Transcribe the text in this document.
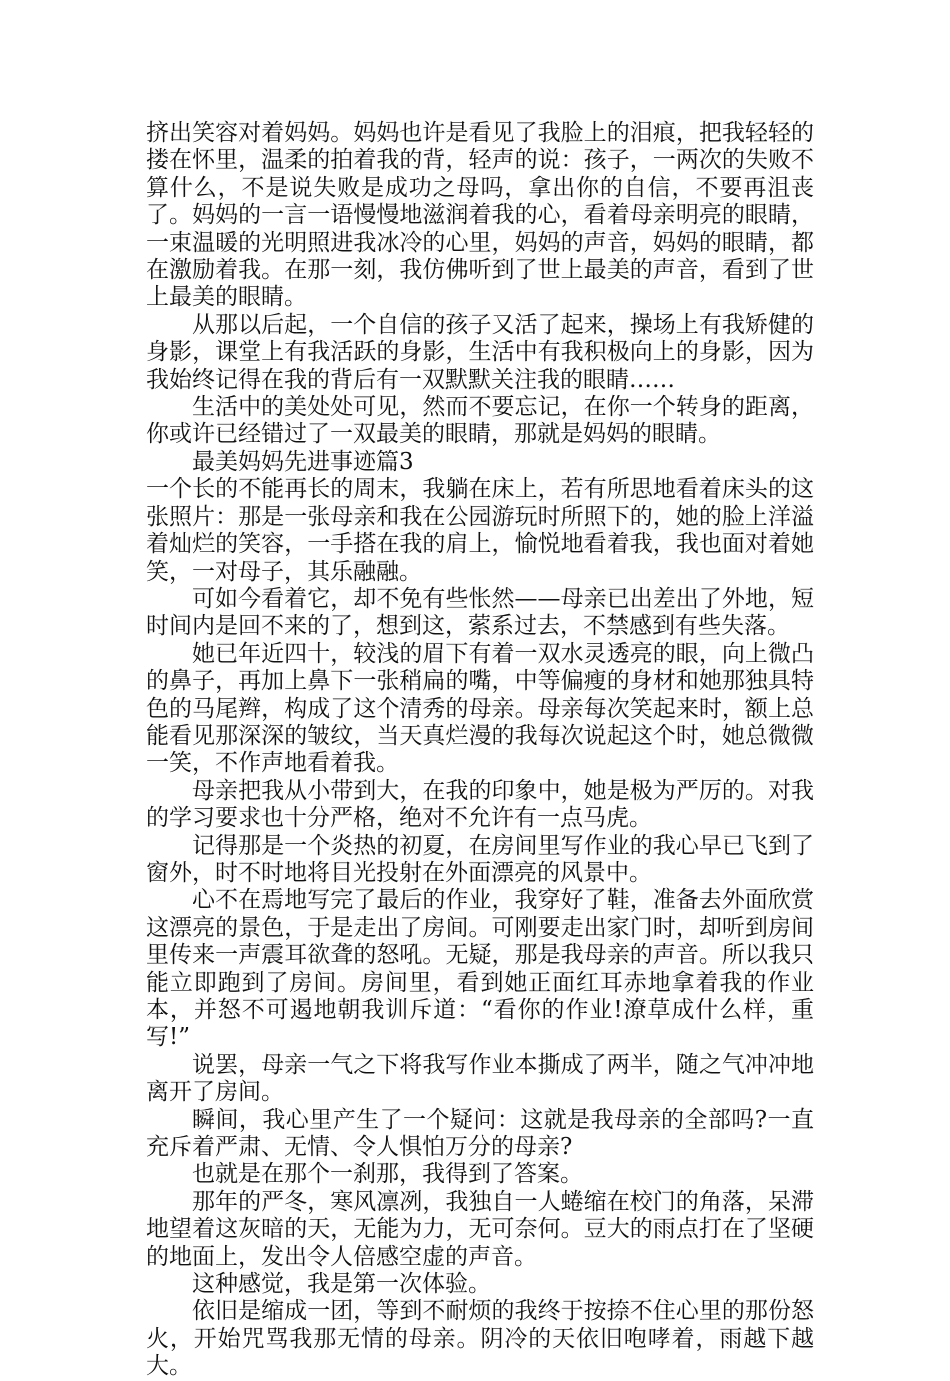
挤出笑容对着妈妈。妈妈也许是看见了我脸上的泪痕，把我轻轻的搂在怀里，温柔的拍着我的背，轻声的说：孩子，一两次的失败不算什么，不是说失败是成功之母吗，拿出你的自信，不要再沮丧了。妈妈的一言一语慢慢地滋润着我的心，看着母亲明亮的眼睛，一束温暖的光明照进我冰冷的心里，妈妈的声音，妈妈的眼睛，都在激励着我。在那一刻，我仿佛听到了世上最美的声音，看到了世上最美的眼睛。

从那以后起，一个自信的孩子又活了起来，操场上有我矫健的身影，课堂上有我活跃的身影，生活中有我积极向上的身影，因为我始终记得在我的背后有一双默默关注我的眼睛……

生活中的美处处可见，然而不要忘记，在你一个转身的距离，你或许已经错过了一双最美的眼睛，那就是妈妈的眼睛。

最美妈妈先进事迹篇3

一个长的不能再长的周末，我躺在床上，若有所思地看着床头的这张照片：那是一张母亲和我在公园游玩时所照下的，她的脸上洋溢着灿烂的笑容，一手搭在我的肩上，愉悦地看着我，我也面对着她笑，一对母子，其乐融融。

可如今看着它，却不免有些怅然——母亲已出差出了外地，短时间内是回不来的了，想到这，萦系过去，不禁感到有些失落。

她已年近四十，较浅的眉下有着一双水灵透亮的眼，向上微凸的鼻子，再加上鼻下一张稍扁的嘴，中等偏瘦的身材和她那独具特色的马尾辫，构成了这个清秀的母亲。母亲每次笑起来时，额上总能看见那深深的皱纹，当天真烂漫的我每次说起这个时，她总微微一笑，不作声地看着我。

母亲把我从小带到大，在我的印象中，她是极为严厉的。对我的学习要求也十分严格，绝对不允许有一点马虎。

记得那是一个炎热的初夏，在房间里写作业的我心早已飞到了窗外，时不时地将目光投射在外面漂亮的风景中。

心不在焉地写完了最后的作业，我穿好了鞋，准备去外面欣赏这漂亮的景色，于是走出了房间。可刚要走出家门时，却听到房间里传来一声震耳欲聋的怒吼。无疑，那是我母亲的声音。所以我只能立即跑到了房间。房间里，看到她正面红耳赤地拿着我的作业本，并怒不可遏地朝我训斥道：“看你的作业!潦草成什么样，重写!”

说罢，母亲一气之下将我写作业本撕成了两半，随之气冲冲地离开了房间。

瞬间，我心里产生了一个疑问：这就是我母亲的全部吗?一直充斥着严肃、无情、令人惧怕万分的母亲?

也就是在那个一刹那，我得到了答案。

那年的严冬，寒风凛冽，我独自一人蜷缩在校门的角落，呆滞地望着这灰暗的天，无能为力，无可奈何。豆大的雨点打在了坚硬的地面上，发出令人倍感空虚的声音。

这种感觉，我是第一次体验。

依旧是缩成一团，等到不耐烦的我终于按捺不住心里的那份怒火，开始咒骂我那无情的母亲。阴冷的天依旧咆哮着，雨越下越大。
